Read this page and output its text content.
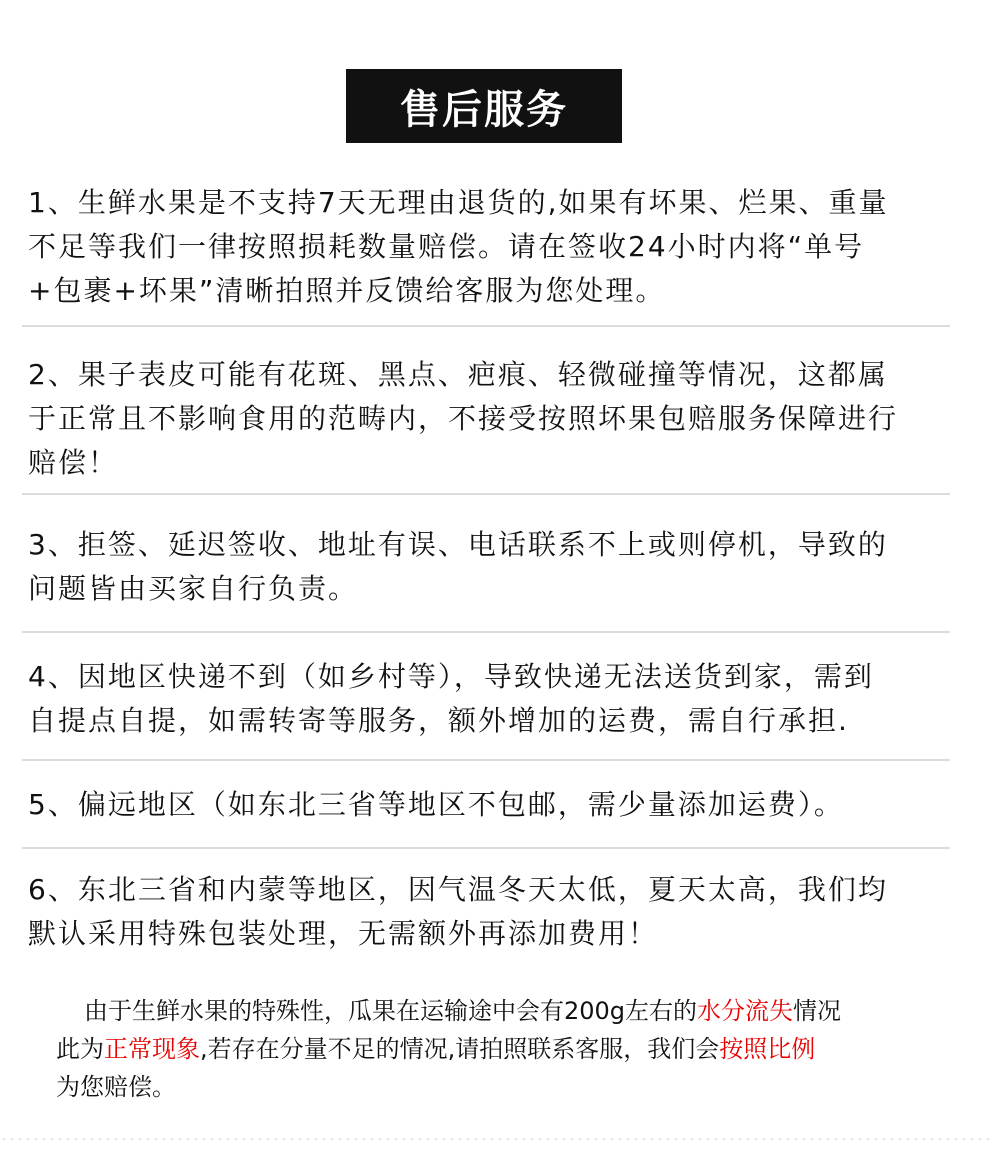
售后服务
1、生鲜水果是不支持7天无理由退货的,如果有坏果、烂果、重量
不足等我们一律按照损耗数量赔偿。请在签收24小时内将“单号
+包裹+坏果”清晰拍照并反馈给客服为您处理。
2、果子表皮可能有花斑、黑点、疤痕、轻微碰撞等情况，这都属
于正常且不影响食用的范畴内，不接受按照坏果包赔服务保障进行
赔偿！
3、拒签、延迟签收、地址有误、电话联系不上或则停机，导致的
问题皆由买家自行负责。
4、因地区快递不到（如乡村等），导致快递无法送货到家，需到
自提点自提，如需转寄等服务，额外增加的运费，需自行承担.
5、偏远地区（如东北三省等地区不包邮，需少量添加运费）。
6、东北三省和内蒙等地区，因气温冬天太低，夏天太高，我们均
默认采用特殊包装处理，无需额外再添加费用！
由于生鲜水果的特殊性，瓜果在运输途中会有200g左右的水分流失情况
此为正常现象,若存在分量不足的情况,请拍照联系客服，我们会按照比例
为您赔偿。
